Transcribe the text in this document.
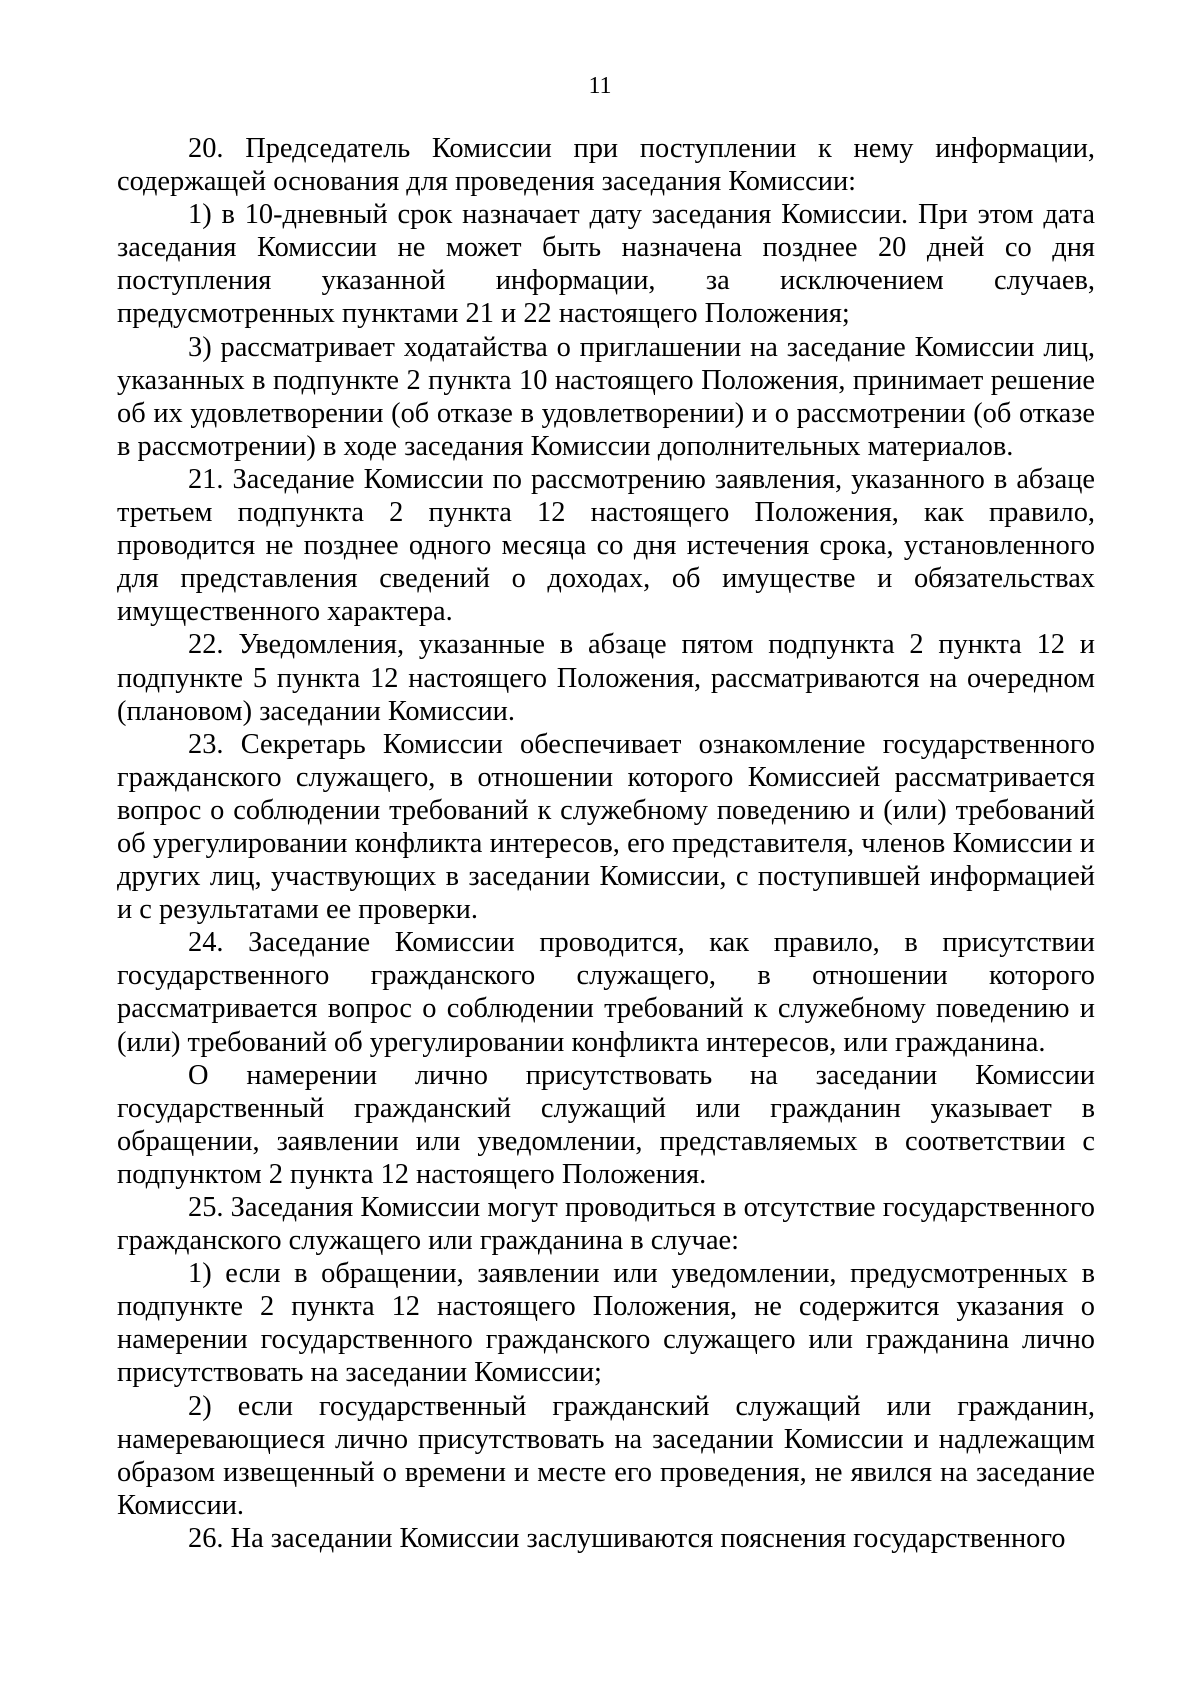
11

20. Председатель Комиссии при поступлении к нему информации, содержащей основания для проведения заседания Комиссии:

1) в 10-дневный срок назначает дату заседания Комиссии. При этом дата заседания Комиссии не может быть назначена позднее 20 дней со дня поступления указанной информации, за исключением случаев, предусмотренных пунктами 21 и 22 настоящего Положения;

3) рассматривает ходатайства о приглашении на заседание Комиссии лиц, указанных в подпункте 2 пункта 10 настоящего Положения, принимает решение об их удовлетворении (об отказе в удовлетворении) и о рассмотрении (об отказе в рассмотрении) в ходе заседания Комиссии дополнительных материалов.

21. Заседание Комиссии по рассмотрению заявления, указанного в абзаце третьем подпункта 2 пункта 12 настоящего Положения, как правило, проводится не позднее одного месяца со дня истечения срока, установленного для представления сведений о доходах, об имуществе и обязательствах имущественного характера.

22. Уведомления, указанные в абзаце пятом подпункта 2 пункта 12 и подпункте 5 пункта 12 настоящего Положения, рассматриваются на очередном (плановом) заседании Комиссии.

23. Секретарь Комиссии обеспечивает ознакомление государственного гражданского служащего, в отношении которого Комиссией рассматривается вопрос о соблюдении требований к служебному поведению и (или) требований об урегулировании конфликта интересов, его представителя, членов Комиссии и других лиц, участвующих в заседании Комиссии, с поступившей информацией и с результатами ее проверки.

24. Заседание Комиссии проводится, как правило, в присутствии государственного гражданского служащего, в отношении которого рассматривается вопрос о соблюдении требований к служебному поведению и (или) требований об урегулировании конфликта интересов, или гражданина.

О намерении лично присутствовать на заседании Комиссии государственный гражданский служащий или гражданин указывает в обращении, заявлении или уведомлении, представляемых в соответствии с подпунктом 2 пункта 12 настоящего Положения.

25. Заседания Комиссии могут проводиться в отсутствие государственного гражданского служащего или гражданина в случае:

1) если в обращении, заявлении или уведомлении, предусмотренных в подпункте 2 пункта 12 настоящего Положения, не содержится указания о намерении государственного гражданского служащего или гражданина лично присутствовать на заседании Комиссии;

2) если государственный гражданский служащий или гражданин, намеревающиеся лично присутствовать на заседании Комиссии и надлежащим образом извещенный о времени и месте его проведения, не явился на заседание Комиссии.

26. На заседании Комиссии заслушиваются пояснения государственного
